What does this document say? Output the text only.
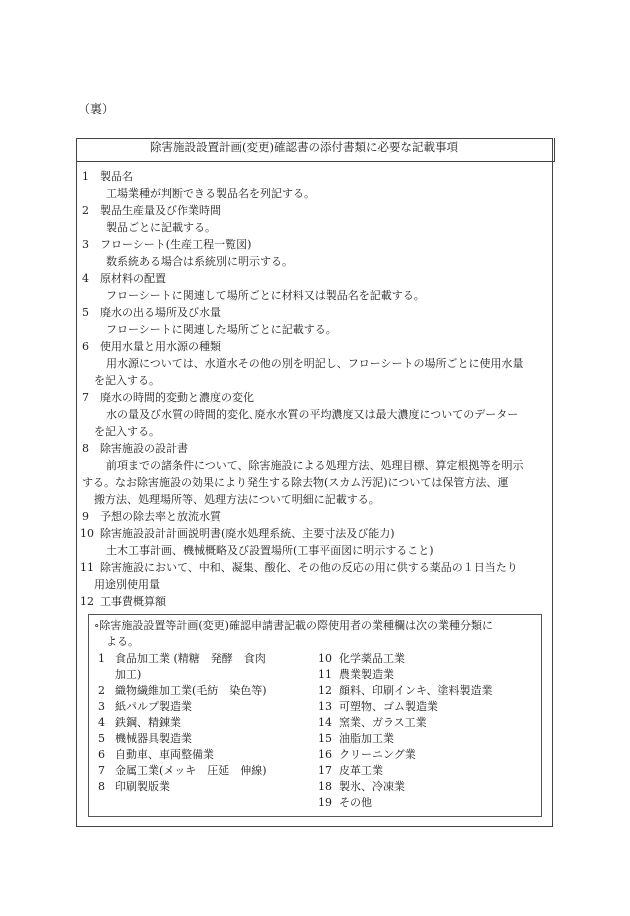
（裏）
除害施設設置計画(変更)確認書の添付書類に必要な記載事項
1 製品名
工場業種が判断できる製品名を列記する。
2 製品生産量及び作業時間
製品ごとに記載する。
3 フローシート(生産工程一覧図)
数系統ある場合は系統別に明示する。
4 原材料の配置
フローシートに関連して場所ごとに材料又は製品名を記載する。
5 廃水の出る場所及び水量
フローシートに関連した場所ごとに記載する。
6 使用水量と用水源の種類
用水源については、水道水その他の別を明記し、フローシートの場所ごとに使用水量
を記入する。
7 廃水の時間的変動と濃度の変化
水の量及び水質の時間的変化､廃水水質の平均濃度又は最大濃度についてのデーター
を記入する。
8 除害施設の設計書
前項までの諸条件について、除害施設による処理方法、処理目標、算定根拠等を明示
する。なお除害施設の効果により発生する除去物(スカム汚泥)については保管方法、運
搬方法、処理場所等、処理方法について明細に記載する。
9 予想の除去率と放流水質
10 除害施設設計計画説明書(廃水処理系統、主要寸法及び能力)
土木工事計画、機械概略及び設置場所(工事平面図に明示すること)
11 除害施設において、中和、凝集、酸化、その他の反応の用に供する薬品の１日当たり
用途別使用量
12 工事費概算額
∘除害施設設置等計画(変更)確認申請書記載の際使用者の業種欄は次の業種分類に
よる。
1 食品加工業 (精糖　発酵　食肉
加工)
2 織物繊維加工業(毛紡　染色等)
3 紙パルプ製造業
4 鉄鋼、精錬業
5 機械器具製造業
6 自動車、車両整備業
7 金属工業(メッキ　圧延　伸線)
8 印刷製版業
10 化学薬品工業
11 農業製造業
12 顔料、印刷インキ、塗料製造業
13 可塑物、ゴム製造業
14 窯業、ガラス工業
15 油脂加工業
16 クリーニング業
17 皮革工業
18 製氷、冷凍業
19 その他
